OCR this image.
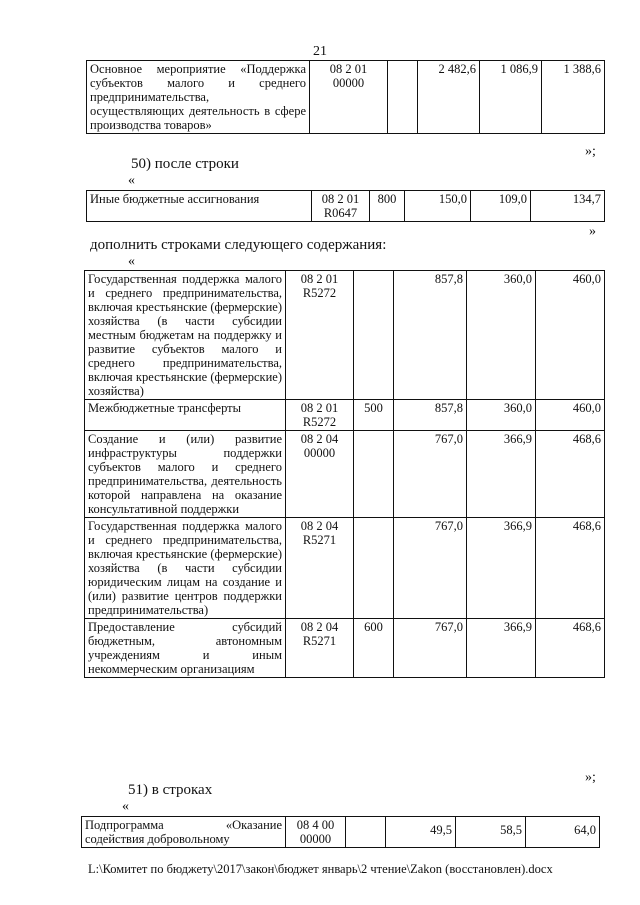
21
Основное мероприятие «Поддержка субъектов малого и среднего предпринимательства, осуществляющих деятельность в сфере производства товаров»	08 2 01 00000		2 482,6	1 086,9	1 388,6
»;
50) после строки
«
Иные бюджетные ассигнования	08 2 01 R0647	800	150,0	109,0	134,7
»
дополнить строками следующего содержания:
«
Государственная поддержка малого и среднего предпринимательства, включая крестьянские (фермерские) хозяйства (в части субсидии местным бюджетам на поддержку и развитие субъектов малого и среднего предпринимательства, включая крестьянские (фермерские) хозяйства)	08 2 01 R5272		857,8	360,0	460,0
Межбюджетные трансферты	08 2 01 R5272	500	857,8	360,0	460,0
Создание и (или) развитие инфраструктуры поддержки субъектов малого и среднего предпринимательства, деятельность которой направлена на оказание консультативной поддержки	08 2 04 00000		767,0	366,9	468,6
Государственная поддержка малого и среднего предпринимательства, включая крестьянские (фермерские) хозяйства (в части субсидии юридическим лицам на создание и (или) развитие центров поддержки предпринимательства)	08 2 04 R5271		767,0	366,9	468,6
Предоставление субсидий бюджетным, автономным учреждениям и иным некоммерческим организациям	08 2 04 R5271	600	767,0	366,9	468,6
»;
51) в строках
«
Подпрограмма «Оказание содействия добровольному	08 4 00 00000		49,5	58,5	64,0
L:\Комитет по бюджету\2017\закон\бюджет январь\2 чтение\Zakon (восстановлен).docx
